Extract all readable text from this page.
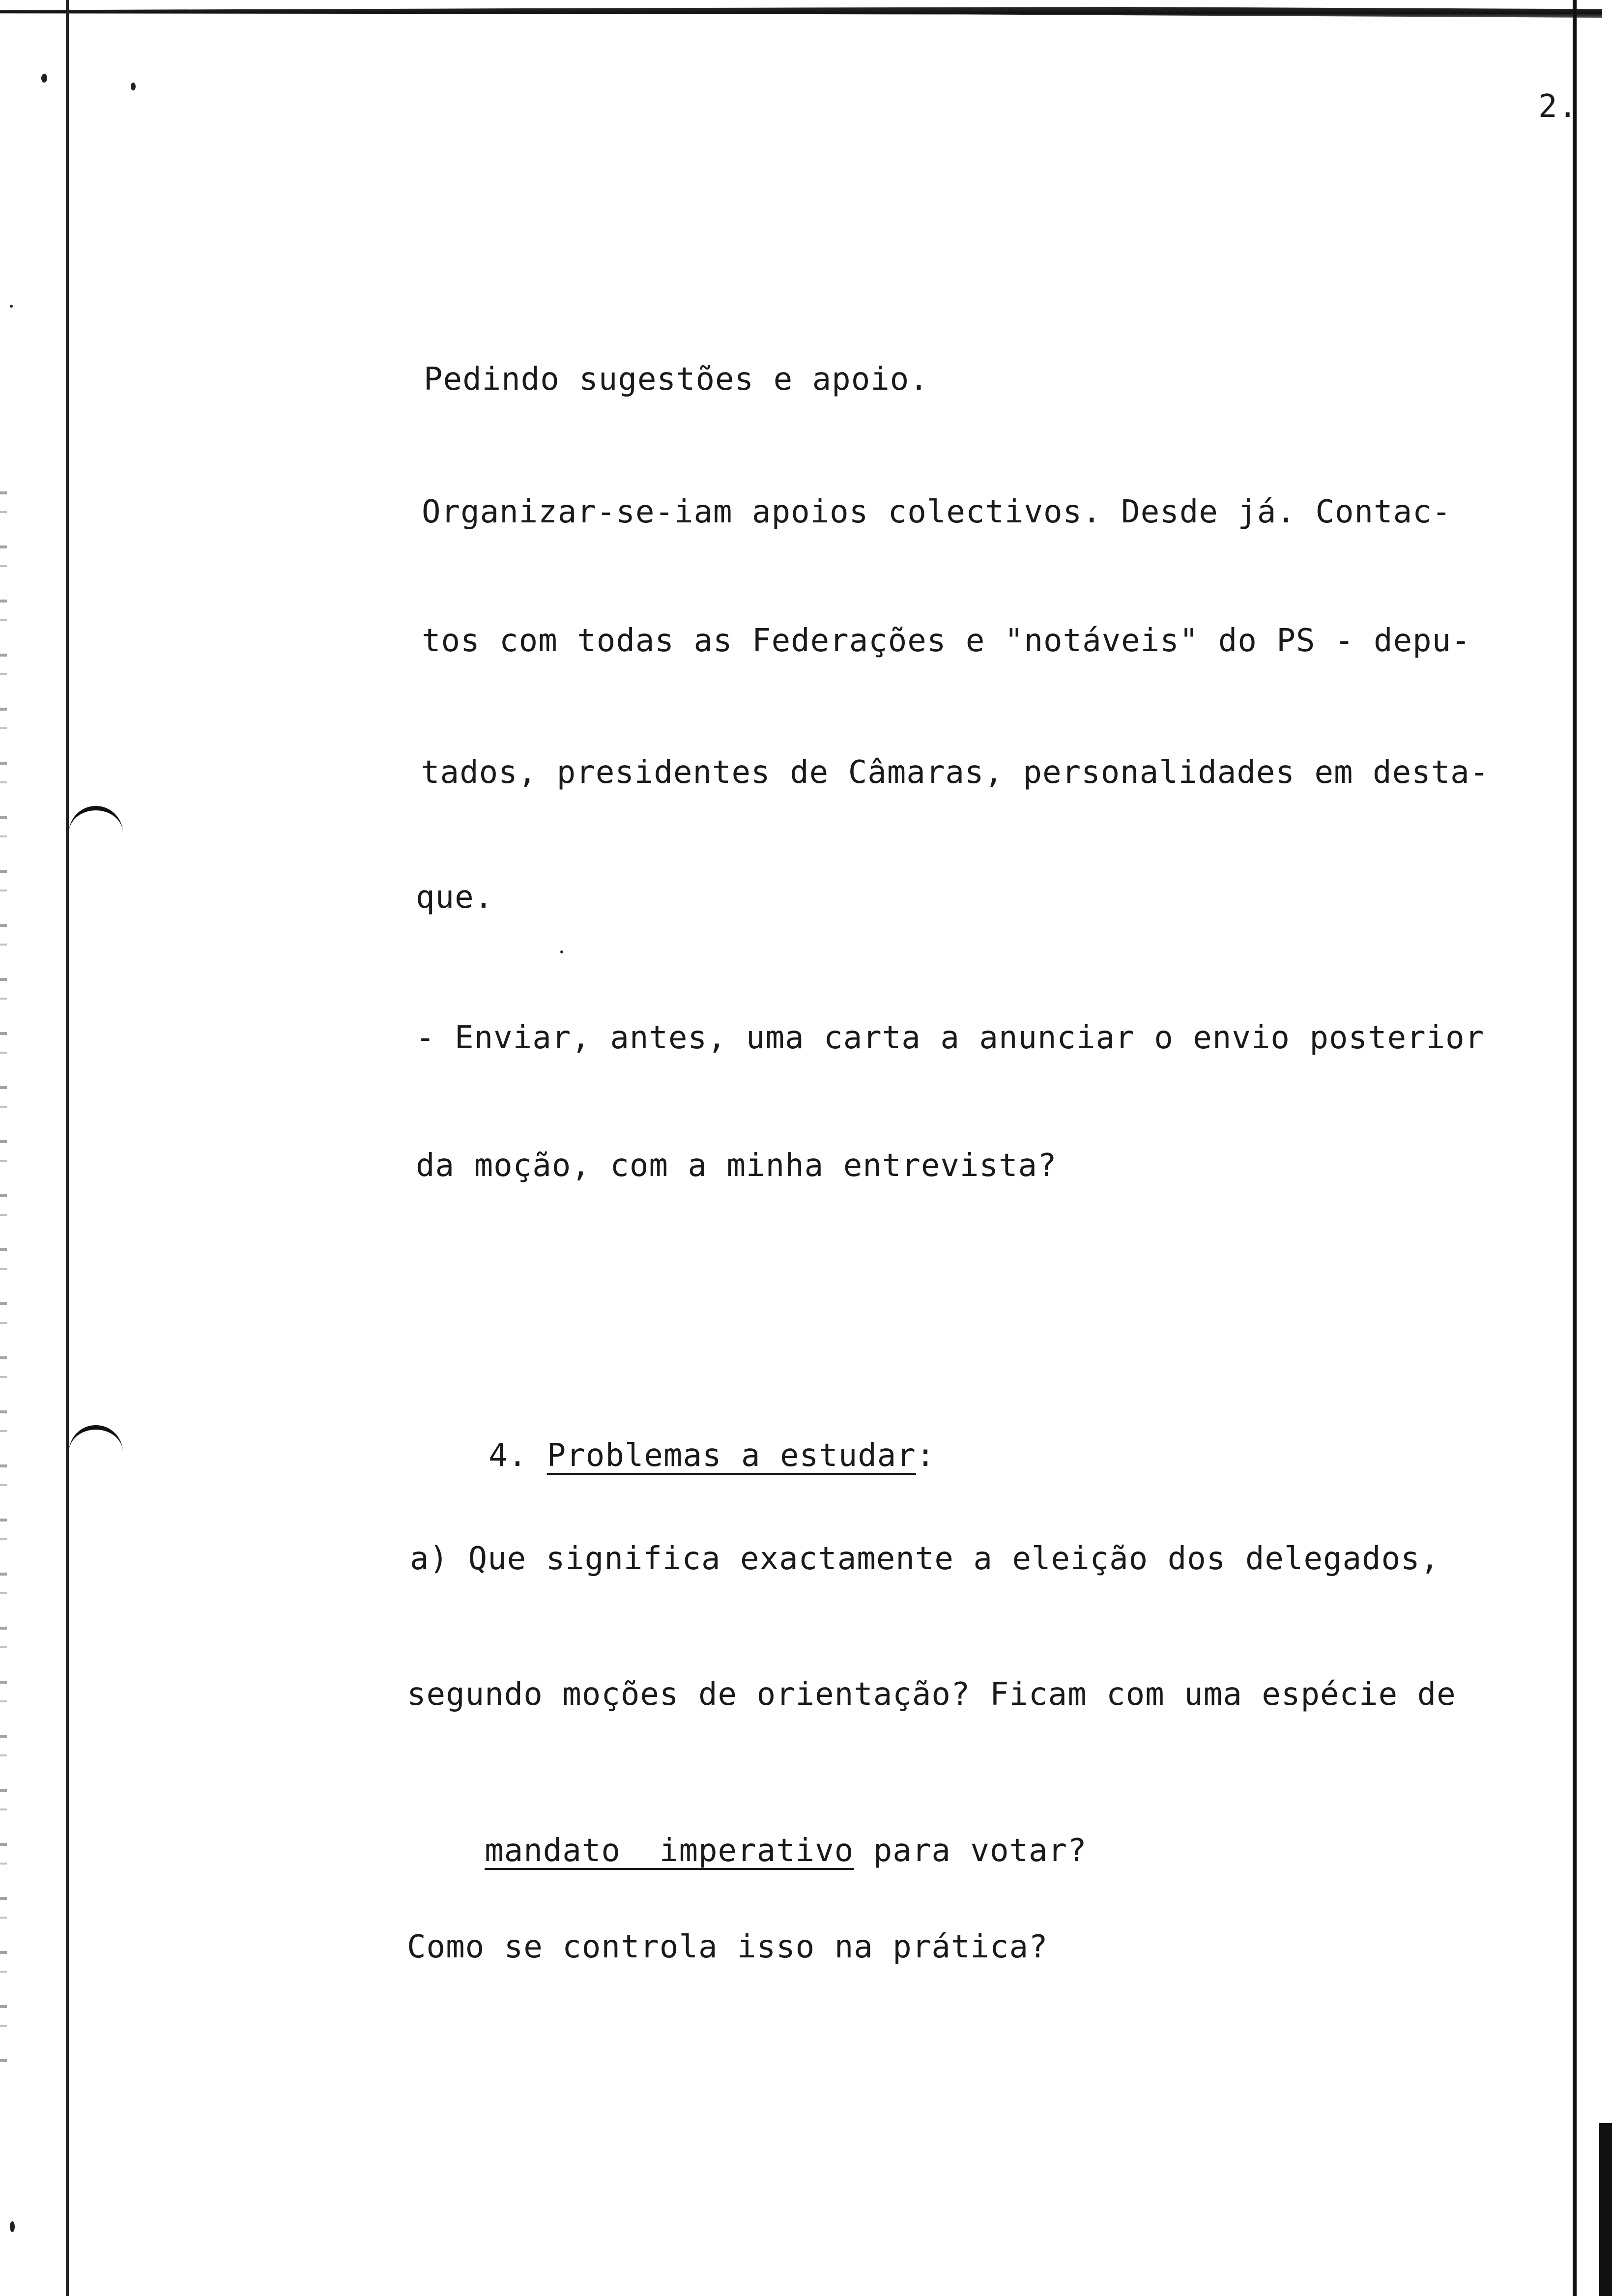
2.
Pedindo sugestões e apoio.
Organizar-se-iam apoios colectivos. Desde já. Contac-
tos com todas as Federações e "notáveis" do PS - depu-
tados, presidentes de Câmaras, personalidades em desta-
que.
- Enviar, antes, uma carta a anunciar o envio posterior
da moção, com a minha entrevista?

4. Problemas a estudar:

a) Que significa exactamente a eleição dos delegados,
segundo moções de orientação? Ficam com uma espécie de

mandato  imperativo para votar?

Como se controla isso na prática?
